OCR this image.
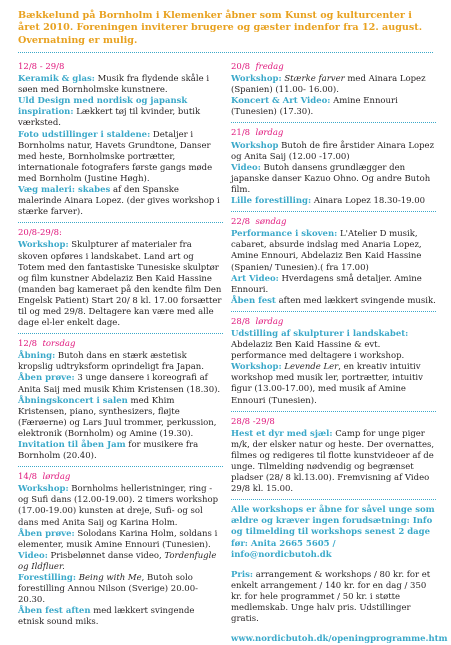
Bækkelund på Bornholm i Klemenker åbner som Kunst og kulturcenter i året 2010. Foreningen inviterer brugere og gæster indenfor fra 12. august. Overnatning er mulig.
12/8 - 29/8

Keramik & glas: Musik fra flydende skåle i søen med Bornholmske kunstnere.

Uld Design med nordisk og japansk inspiration: Lækkert tøj til kvinder, butik værksted.

Foto udstillinger i staldene: Detaljer i Bornholms natur, Havets Grundtone, Danser med heste, Bornholmske portrætter, internationale fotografers første gangs møde med Bornholm (Justine Høgh).

Væg maleri: skabes af den Spanske malerinde Ainara Lopez. (der gives workshop i stærke farver).

20/8-29/8:

Workshop: Skulpturer af materialer fra skoven opføres i landskabet. Land art og Totem med den fantastiske Tunesiske skulptør og film kunstner Abdelaziz Ben Kaid Hassine (manden bag kameraet på den kendte film Den Engelsk Patient) Start 20/ 8 kl. 17.00 forsætter til og med 29/8. Deltagere kan være med alle dage el-ler enkelt dage.

12/8 torsdag

Åbning: Butoh dans en stærk æstetisk kropslig udtryksform oprindeligt fra Japan.

Åben prøve: 3 unge dansere i koreografi af Anita Saij med musik Khim Kristensen (18.30).

Åbningskoncert i salen med Khim Kristensen, piano, synthesizers, fløjte (Færøerne) og Lars Juul trommer, perkussion, elektronik (Bornholm) og Amine (19.30).

Invitation til åben Jam for musikere fra Bornholm (20.40).

14/8 lørdag

Workshop: Bornholms helleristninger, ring - og Sufi dans (12.00-19.00). 2 timers workshop (17.00-19.00) kunsten at dreje, Sufi- og sol dans med Anita Saij og Karina Holm.

Åben prøve: Solodans Karina Holm, soldans i elementer, musik Amine Ennouri (Tunesien).

Video: Prisbelønnet danse video, Tordenfugle og Ildfluer.

Forestilling: Being with Me, Butoh solo forestilling Annou Nilson (Sverige) 20.00-20.30.

Åben fest aften med lækkert svingende etnisk sound miks.

20/8 fredag

Workshop: Stærke farver med Ainara Lopez (Spanien) (11.00- 16.00).

Koncert & Art Video: Amine Ennouri (Tunesien) (17.30).

21/8 lørdag

Workshop Butoh de fire årstider Ainara Lopez og Anita Saij (12.00 -17.00)

Video: Butoh dansens grundlægger den japanske danser Kazuo Ohno. Og andre Butoh film.

Lille forestilling: Ainara Lopez 18.30-19.00

22/8 søndag

Performance i skoven: L'Atelier D musik, cabaret, absurde indslag med Anaria Lopez, Amine Ennouri, Abdelaziz Ben Kaid Hassine (Spanien/ Tunesien).( fra 17.00)

Art Video: Hverdagens små detaljer. Amine Ennouri.

Åben fest aften med lækkert svingende musik.

28/8 lørdag

Udstilling af skulpturer i landskabet: Abdelaziz Ben Kaid Hassine & evt. performance med deltagere i workshop.

Workshop: Levende Ler, en kreativ intuitiv workshop med musik ler, portrætter, intuitiv figur (13.00-17.00), med musik af Amine Ennouri (Tunesien).

28/8 -29/8

Hest et dyr med sjæl: Camp for unge piger m/k, der elsker natur og heste. Der overnattes, filmes og redigeres til flotte kunstvideoer af de unge. Tilmelding nødvendig og begrænset pladser (28/ 8 kl.13.00). Fremvisning af Video 29/8 kl. 15.00.

Alle workshops er åbne for såvel unge som ældre og kræver ingen forudsætning: Info og tilmelding til workshops senest 2 dage før: Anita 2665 5605 / info@nordicbutoh.dk

Pris: arrangement & workshops / 80 kr. for et enkelt arrangement / 140 kr. for en dag / 350 kr. for hele programmet / 50 kr. i støtte medlemskab. Unge halv pris. Udstillinger gratis.

www.nordicbutoh.dk/openingprogramme.htm
